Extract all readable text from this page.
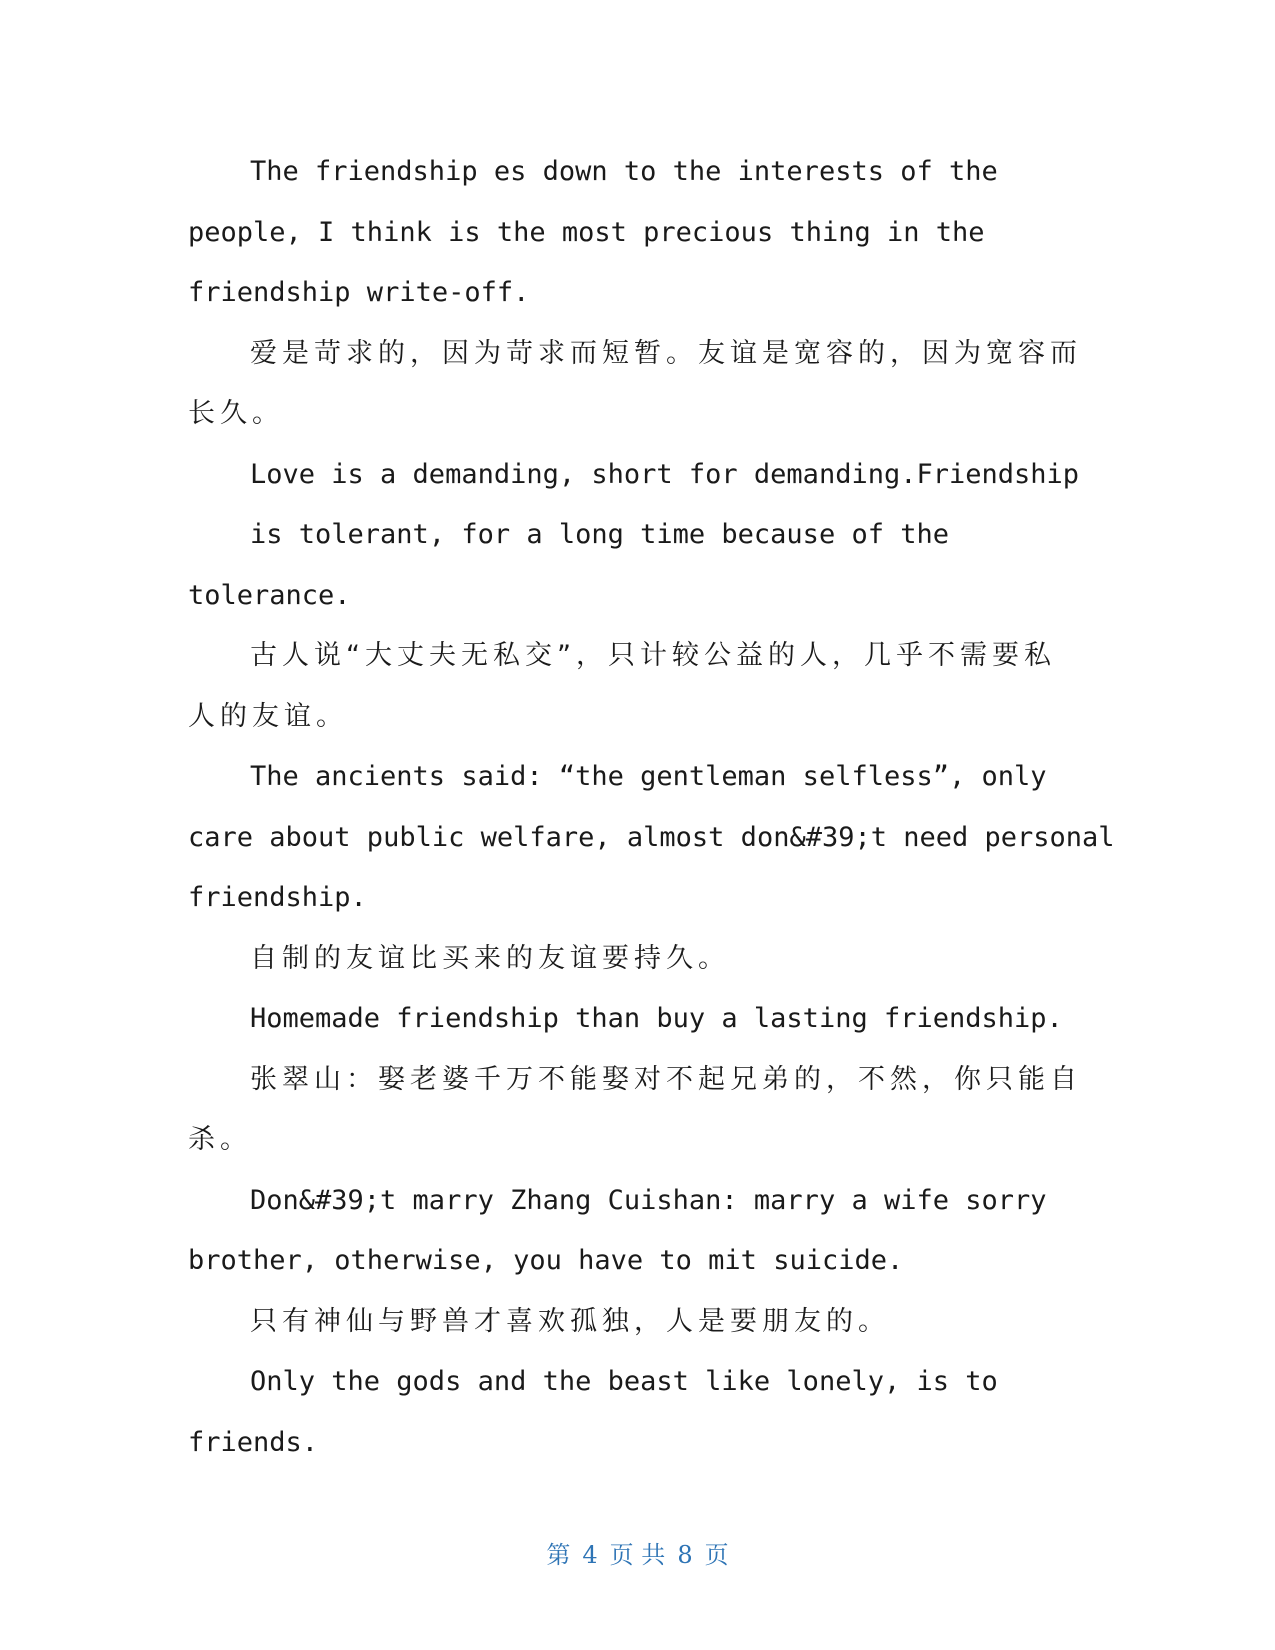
The friendship es down to the interests of the
people, I think is the most precious thing in the
friendship write-off.
爱是苛求的，因为苛求而短暂。友谊是宽容的，因为宽容而
长久。
Love is a demanding, short for demanding.Friendship
is tolerant, for a long time because of the
tolerance.
古人说“大丈夫无私交”，只计较公益的人，几乎不需要私
人的友谊。
The ancients said: “the gentleman selfless”, only
care about public welfare, almost don&#39;t need personal
friendship.
自制的友谊比买来的友谊要持久。
Homemade friendship than buy a lasting friendship.
张翠山：娶老婆千万不能娶对不起兄弟的，不然，你只能自
杀。
Don&#39;t marry Zhang Cuishan: marry a wife sorry
brother, otherwise, you have to mit suicide.
只有神仙与野兽才喜欢孤独，人是要朋友的。
Only the gods and the beast like lonely, is to
friends.
第 4 页 共 8 页
